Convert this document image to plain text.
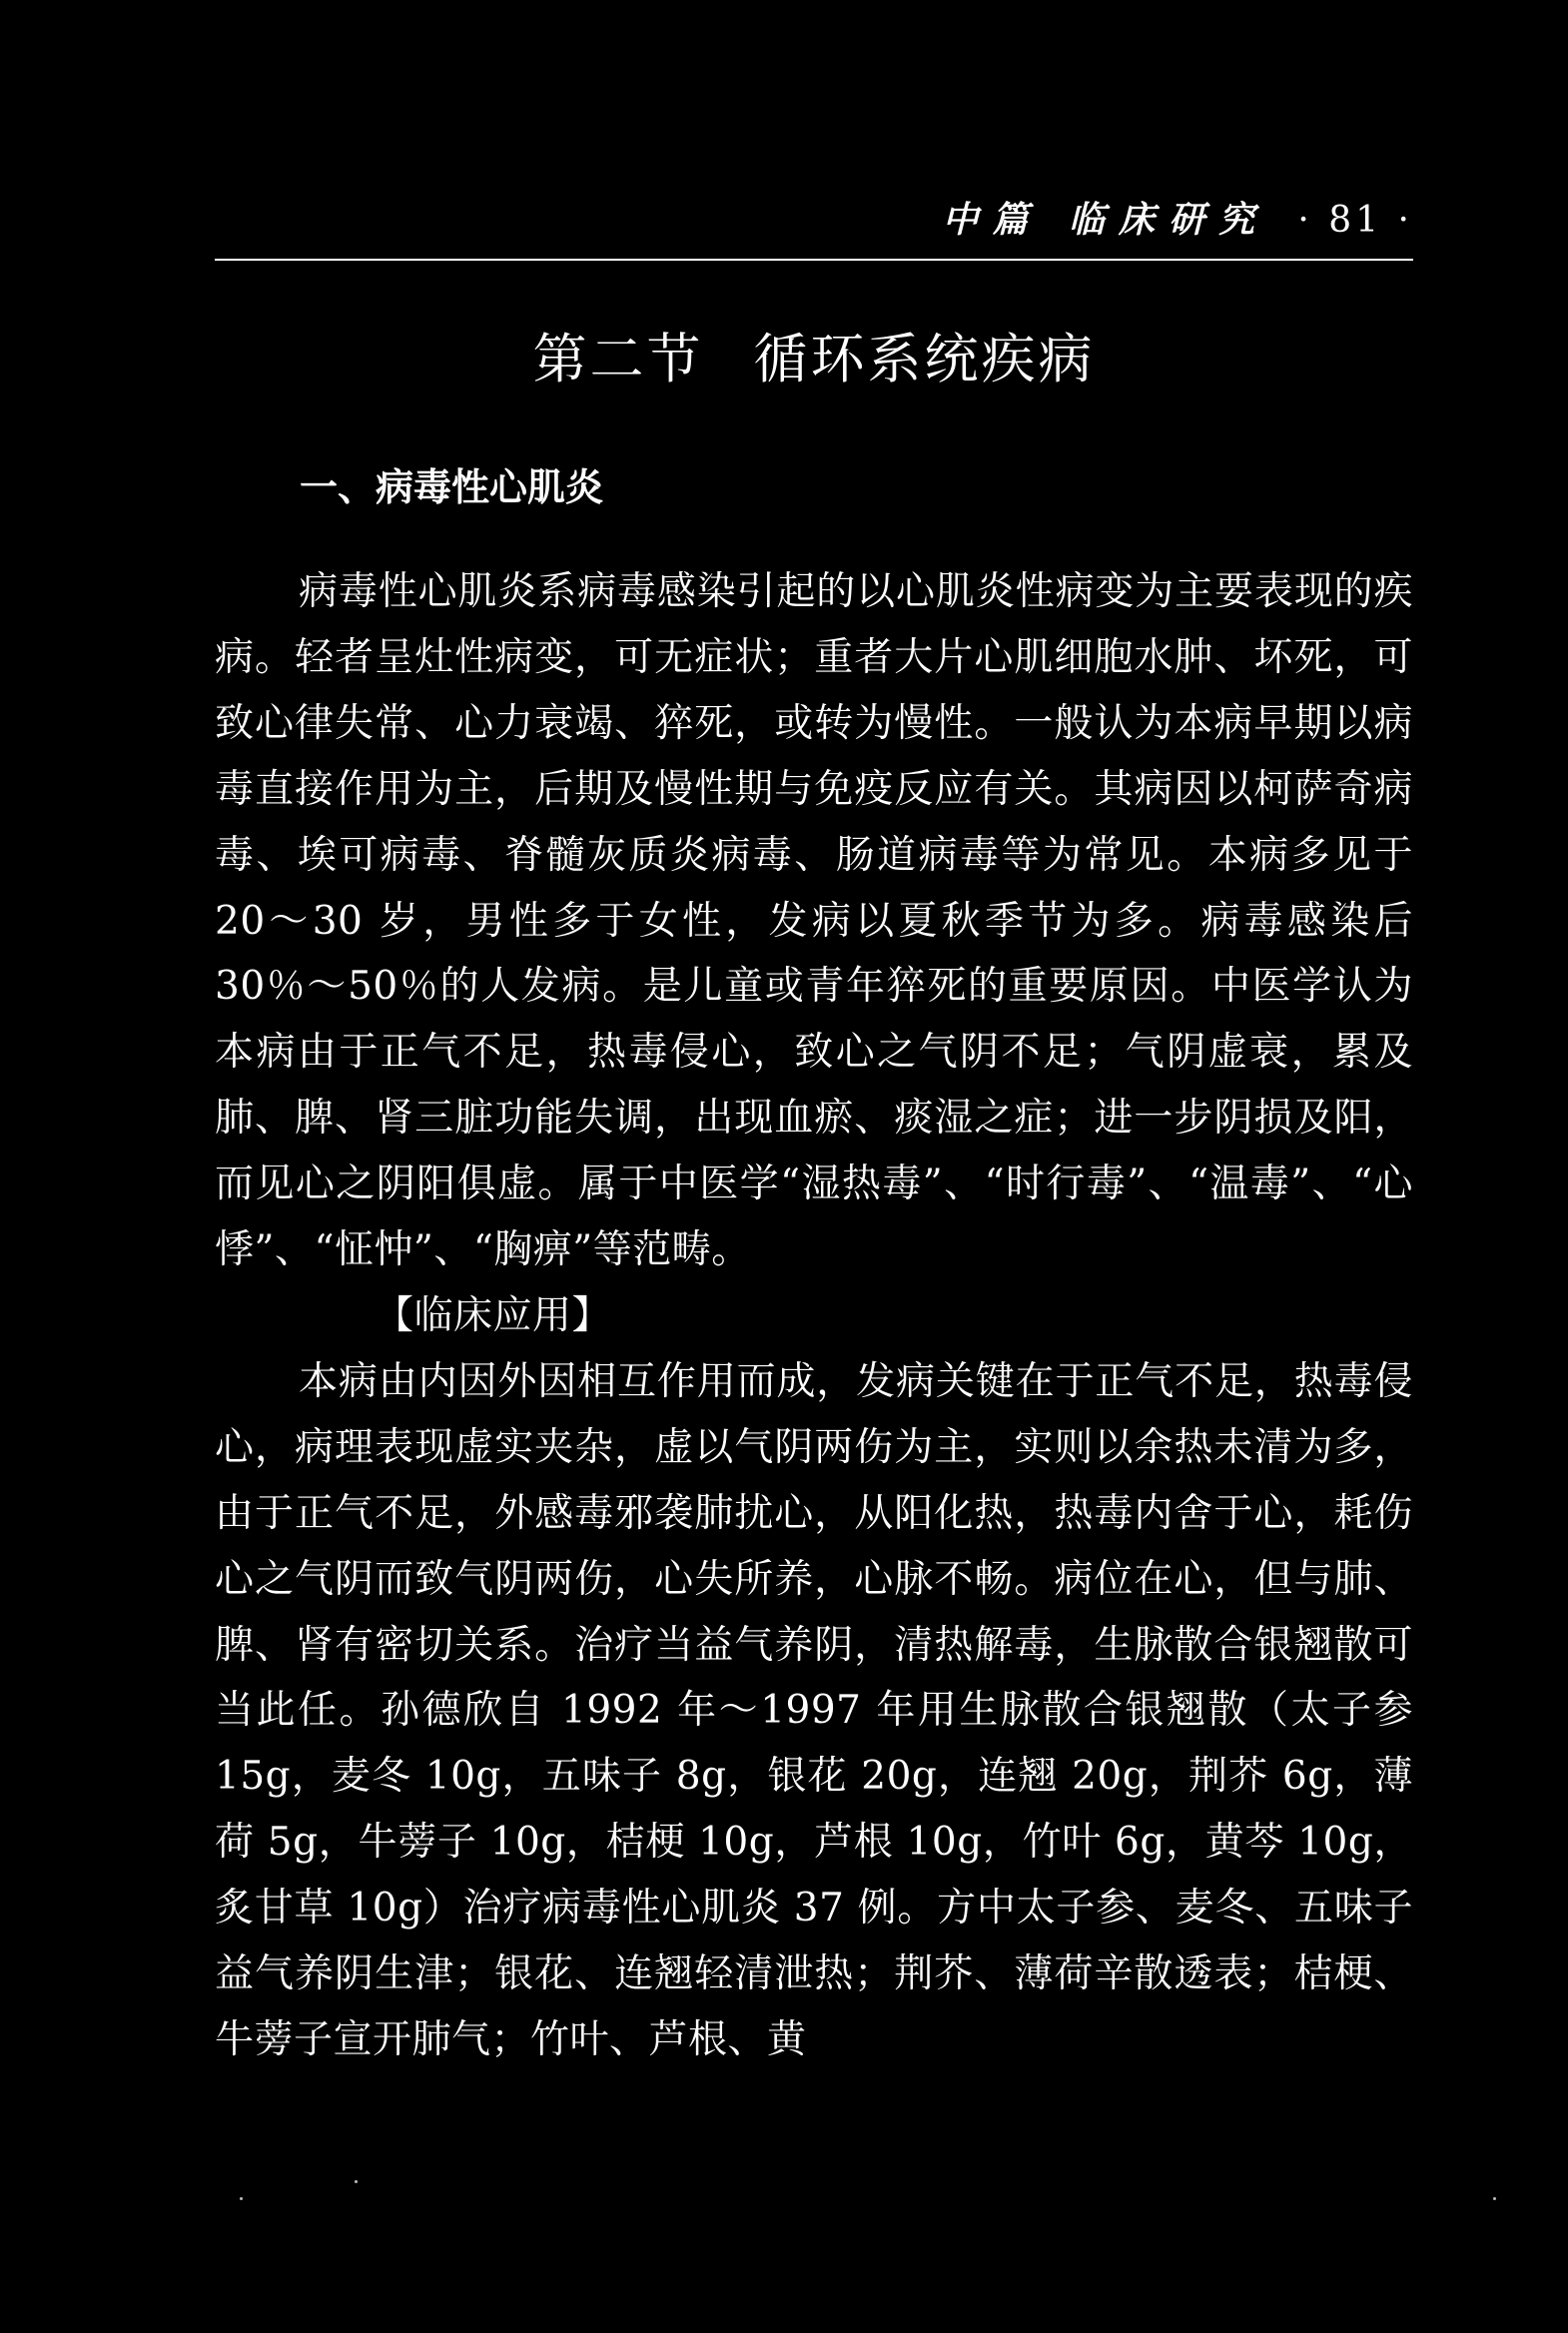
中篇 临床研究 · 81 ·
第二节 循环系统疾病
一、病毒性心肌炎

病毒性心肌炎系病毒感染引起的以心肌炎性病变为主要表现的疾病。轻者呈灶性病变，可无症状；重者大片心肌细胞水肿、坏死，可致心律失常、心力衰竭、猝死，或转为慢性。一般认为本病早期以病毒直接作用为主，后期及慢性期与免疫反应有关。其病因以柯萨奇病毒、埃可病毒、脊髓灰质炎病毒、肠道病毒等为常见。本病多见于 20～30 岁，男性多于女性，发病以夏秋季节为多。病毒感染后 30％～50％的人发病。是儿童或青年猝死的重要原因。中医学认为本病由于正气不足，热毒侵心，致心之气阴不足；气阴虚衰，累及肺、脾、肾三脏功能失调，出现血瘀、痰湿之症；进一步阴损及阳，而见心之阴阳俱虚。属于中医学“湿热毒”、“时行毒”、“温毒”、“心悸”、“怔忡”、“胸痹”等范畴。

【临床应用】

本病由内因外因相互作用而成，发病关键在于正气不足，热毒侵心，病理表现虚实夹杂，虚以气阴两伤为主，实则以余热未清为多，由于正气不足，外感毒邪袭肺扰心，从阳化热，热毒内舍于心，耗伤心之气阴而致气阴两伤，心失所养，心脉不畅。病位在心，但与肺、脾、肾有密切关系。治疗当益气养阴，清热解毒，生脉散合银翘散可当此任。孙德欣自 1992 年～1997 年用生脉散合银翘散（太子参 15g，麦冬 10g，五味子 8g，银花 20g，连翘 20g，荆芥 6g，薄荷 5g，牛蒡子 10g，桔梗 10g，芦根 10g，竹叶 6g，黄芩 10g，炙甘草 10g）治疗病毒性心肌炎 37 例。方中太子参、麦冬、五味子益气养阴生津；银花、连翘轻清泄热；荆芥、薄荷辛散透表；桔梗、牛蒡子宣开肺气；竹叶、芦根、黄
